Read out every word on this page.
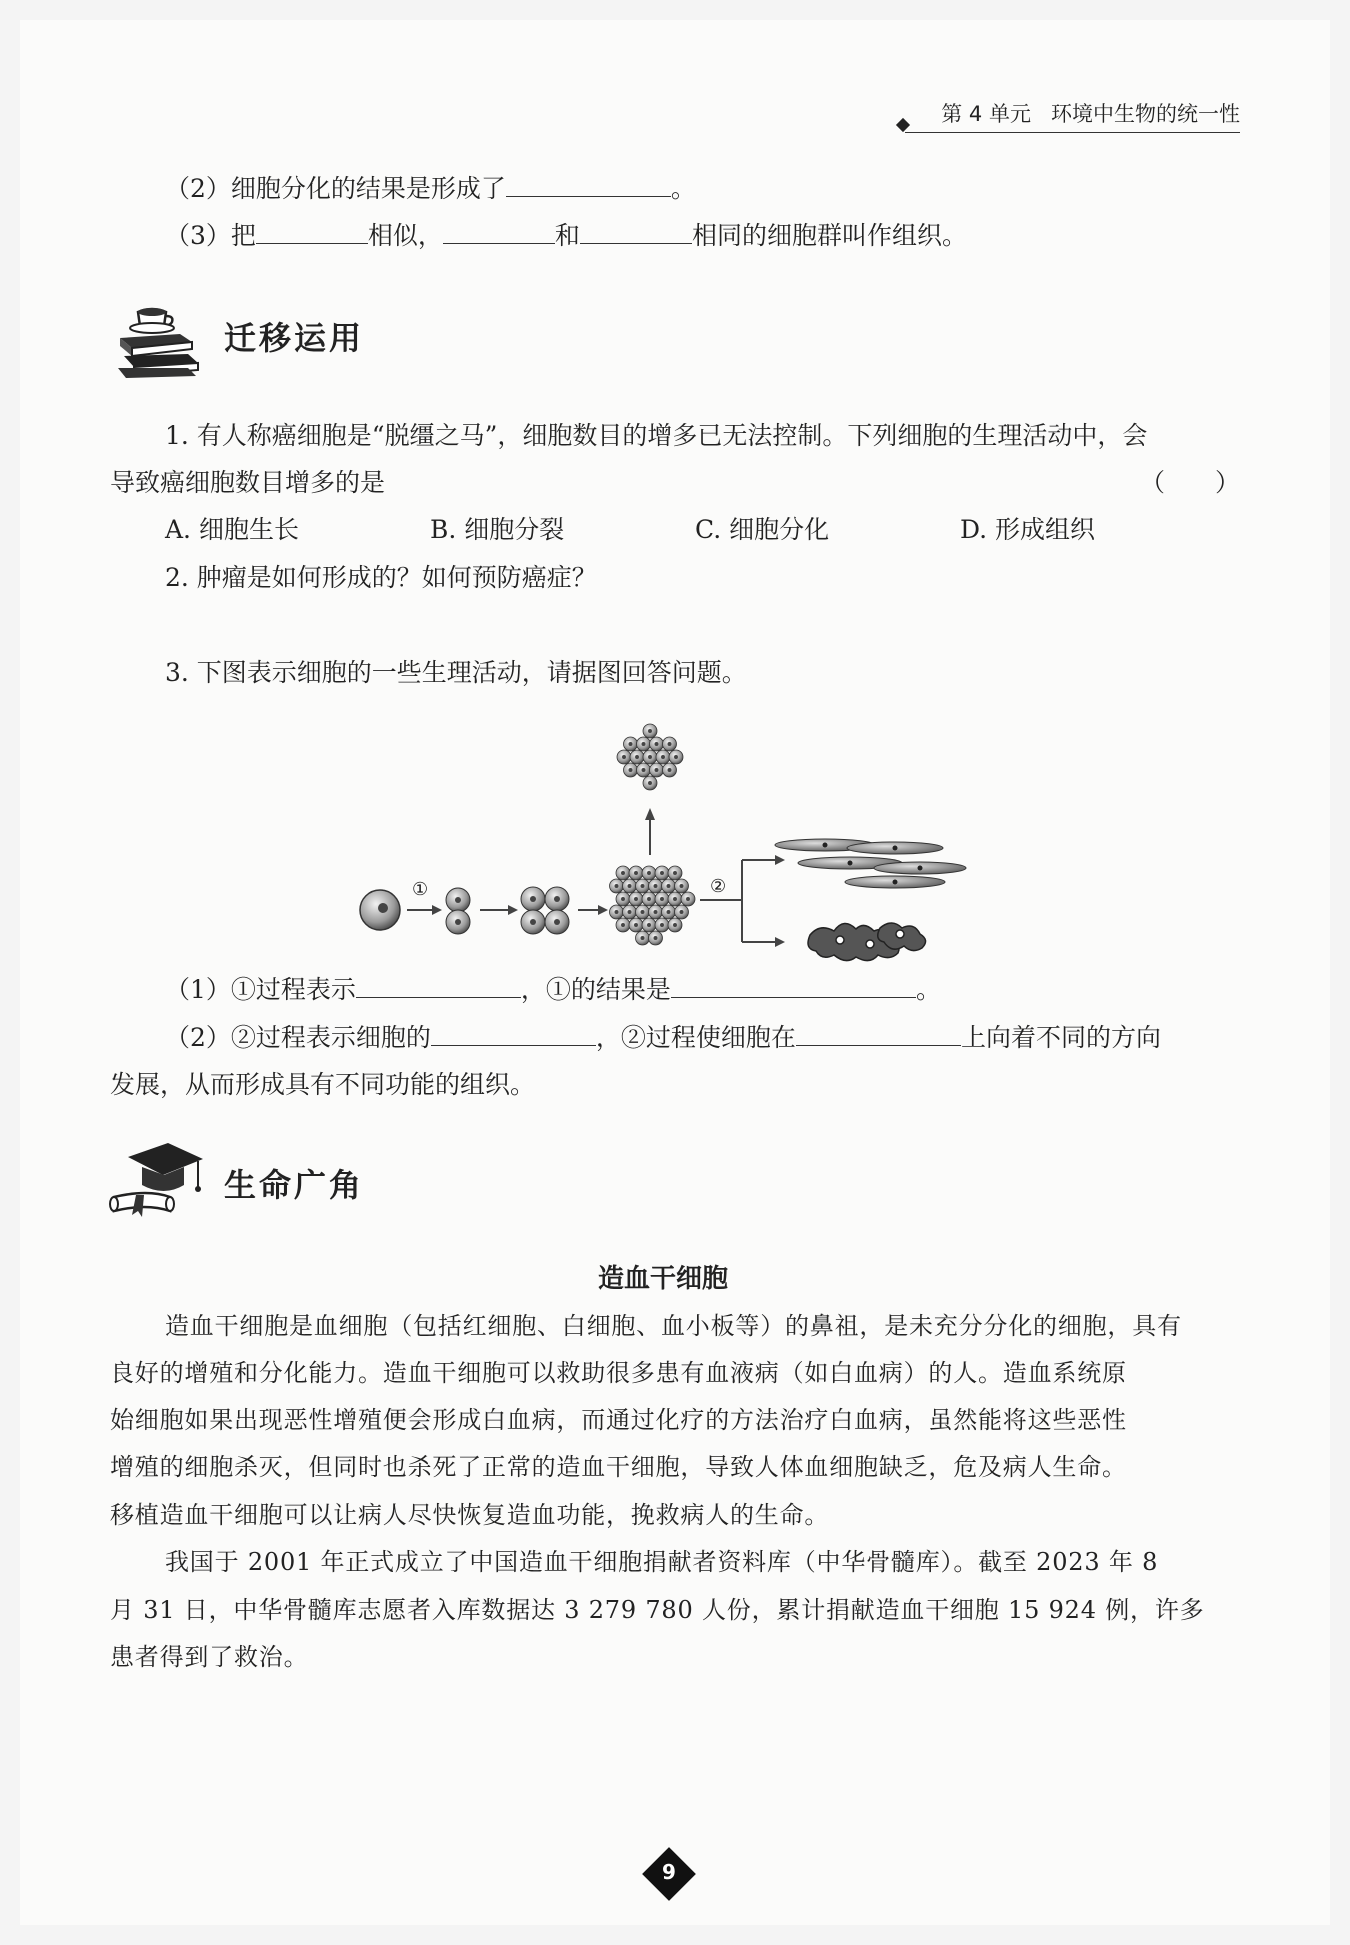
第 4 单元 环境中生物的统一性
（2）细胞分化的结果是形成了	。
（3）把	相似，	和	相同的细胞群叫作组织。
迁移运用
1. 有人称癌细胞是“脱缰之马”，细胞数目的增多已无法控制。下列细胞的生理活动中，会
导致癌细胞数目增多的是	（　　）
A. 细胞生长	B. 细胞分裂	C. 细胞分化	D. 形成组织
2. 肿瘤是如何形成的？如何预防癌症？
3. 下图表示细胞的一些生理活动，请据图回答问题。
①	②
（1）①过程表示	，①的结果是	。
（2）②过程表示细胞的	，②过程使细胞在	上向着不同的方向
发展，从而形成具有不同功能的组织。
生命广角
造血干细胞
造血干细胞是血细胞（包括红细胞、白细胞、血小板等）的鼻祖，是未充分分化的细胞，具有
良好的增殖和分化能力。造血干细胞可以救助很多患有血液病（如白血病）的人。造血系统原
始细胞如果出现恶性增殖便会形成白血病，而通过化疗的方法治疗白血病，虽然能将这些恶性
增殖的细胞杀灭，但同时也杀死了正常的造血干细胞，导致人体血细胞缺乏，危及病人生命。
移植造血干细胞可以让病人尽快恢复造血功能，挽救病人的生命。
我国于 2001 年正式成立了中国造血干细胞捐献者资料库（中华骨髓库）。截至 2023 年 8
月 31 日，中华骨髓库志愿者入库数据达 3 279 780 人份，累计捐献造血干细胞 15 924 例，许多
患者得到了救治。
9
